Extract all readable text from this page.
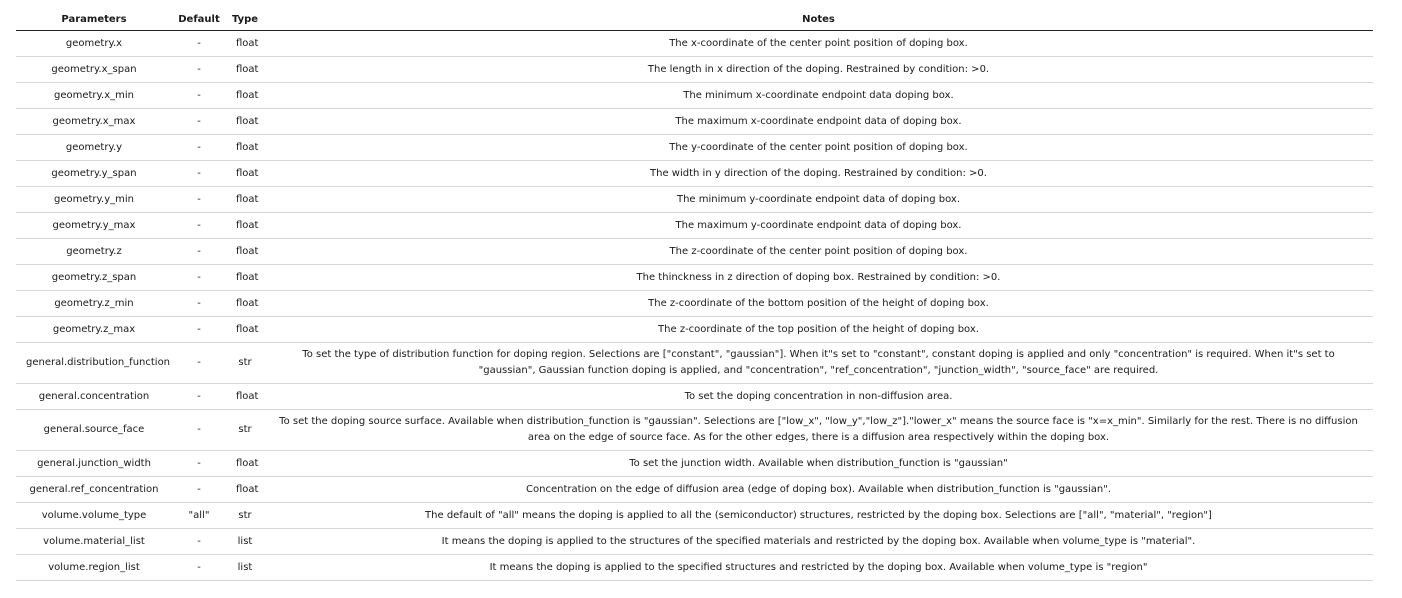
Parameters	Default	Type	Notes
geometry.x	-	float	The x-coordinate of the center point position of doping box.
geometry.x_span	-	float	The length in x direction of the doping. Restrained by condition: >0.
geometry.x_min	-	float	The minimum x-coordinate endpoint data doping box.
geometry.x_max	-	float	The maximum x-coordinate endpoint data of doping box.
geometry.y	-	float	The y-coordinate of the center point position of doping box.
geometry.y_span	-	float	The width in y direction of the doping. Restrained by condition: >0.
geometry.y_min	-	float	The minimum y-coordinate endpoint data of doping box.
geometry.y_max	-	float	The maximum y-coordinate endpoint data of doping box.
geometry.z	-	float	The z-coordinate of the center point position of doping box.
geometry.z_span	-	float	The thinckness in z direction of doping box. Restrained by condition: >0.
geometry.z_min	-	float	The z-coordinate of the bottom position of the height of doping box.
geometry.z_max	-	float	The z-coordinate of the top position of the height of doping box.
general.distribution_function	-	str	To set the type of distribution function for doping region. Selections are ["constant", "gaussian"]. When it"s set to "constant", constant doping is applied and only "concentration" is required. When it"s set to "gaussian", Gaussian function doping is applied, and "concentration", "ref_concentration", "junction_width", "source_face" are required.
general.concentration	-	float	To set the doping concentration in non-diffusion area.
general.source_face	-	str	To set the doping source surface. Available when distribution_function is "gaussian". Selections are ["low_x", "low_y","low_z"]."lower_x" means the source face is "x=x_min". Similarly for the rest. There is no diffusion area on the edge of source face. As for the other edges, there is a diffusion area respectively within the doping box.
general.junction_width	-	float	To set the junction width. Available when distribution_function is "gaussian"
general.ref_concentration	-	float	Concentration on the edge of diffusion area (edge of doping box). Available when distribution_function is "gaussian".
volume.volume_type	"all"	str	The default of "all" means the doping is applied to all the (semiconductor) structures, restricted by the doping box. Selections are ["all", "material", "region"]
volume.material_list	-	list	It means the doping is applied to the structures of the specified materials and restricted by the doping box. Available when volume_type is "material".
volume.region_list	-	list	It means the doping is applied to the specified structures and restricted by the doping box. Available when volume_type is "region"
